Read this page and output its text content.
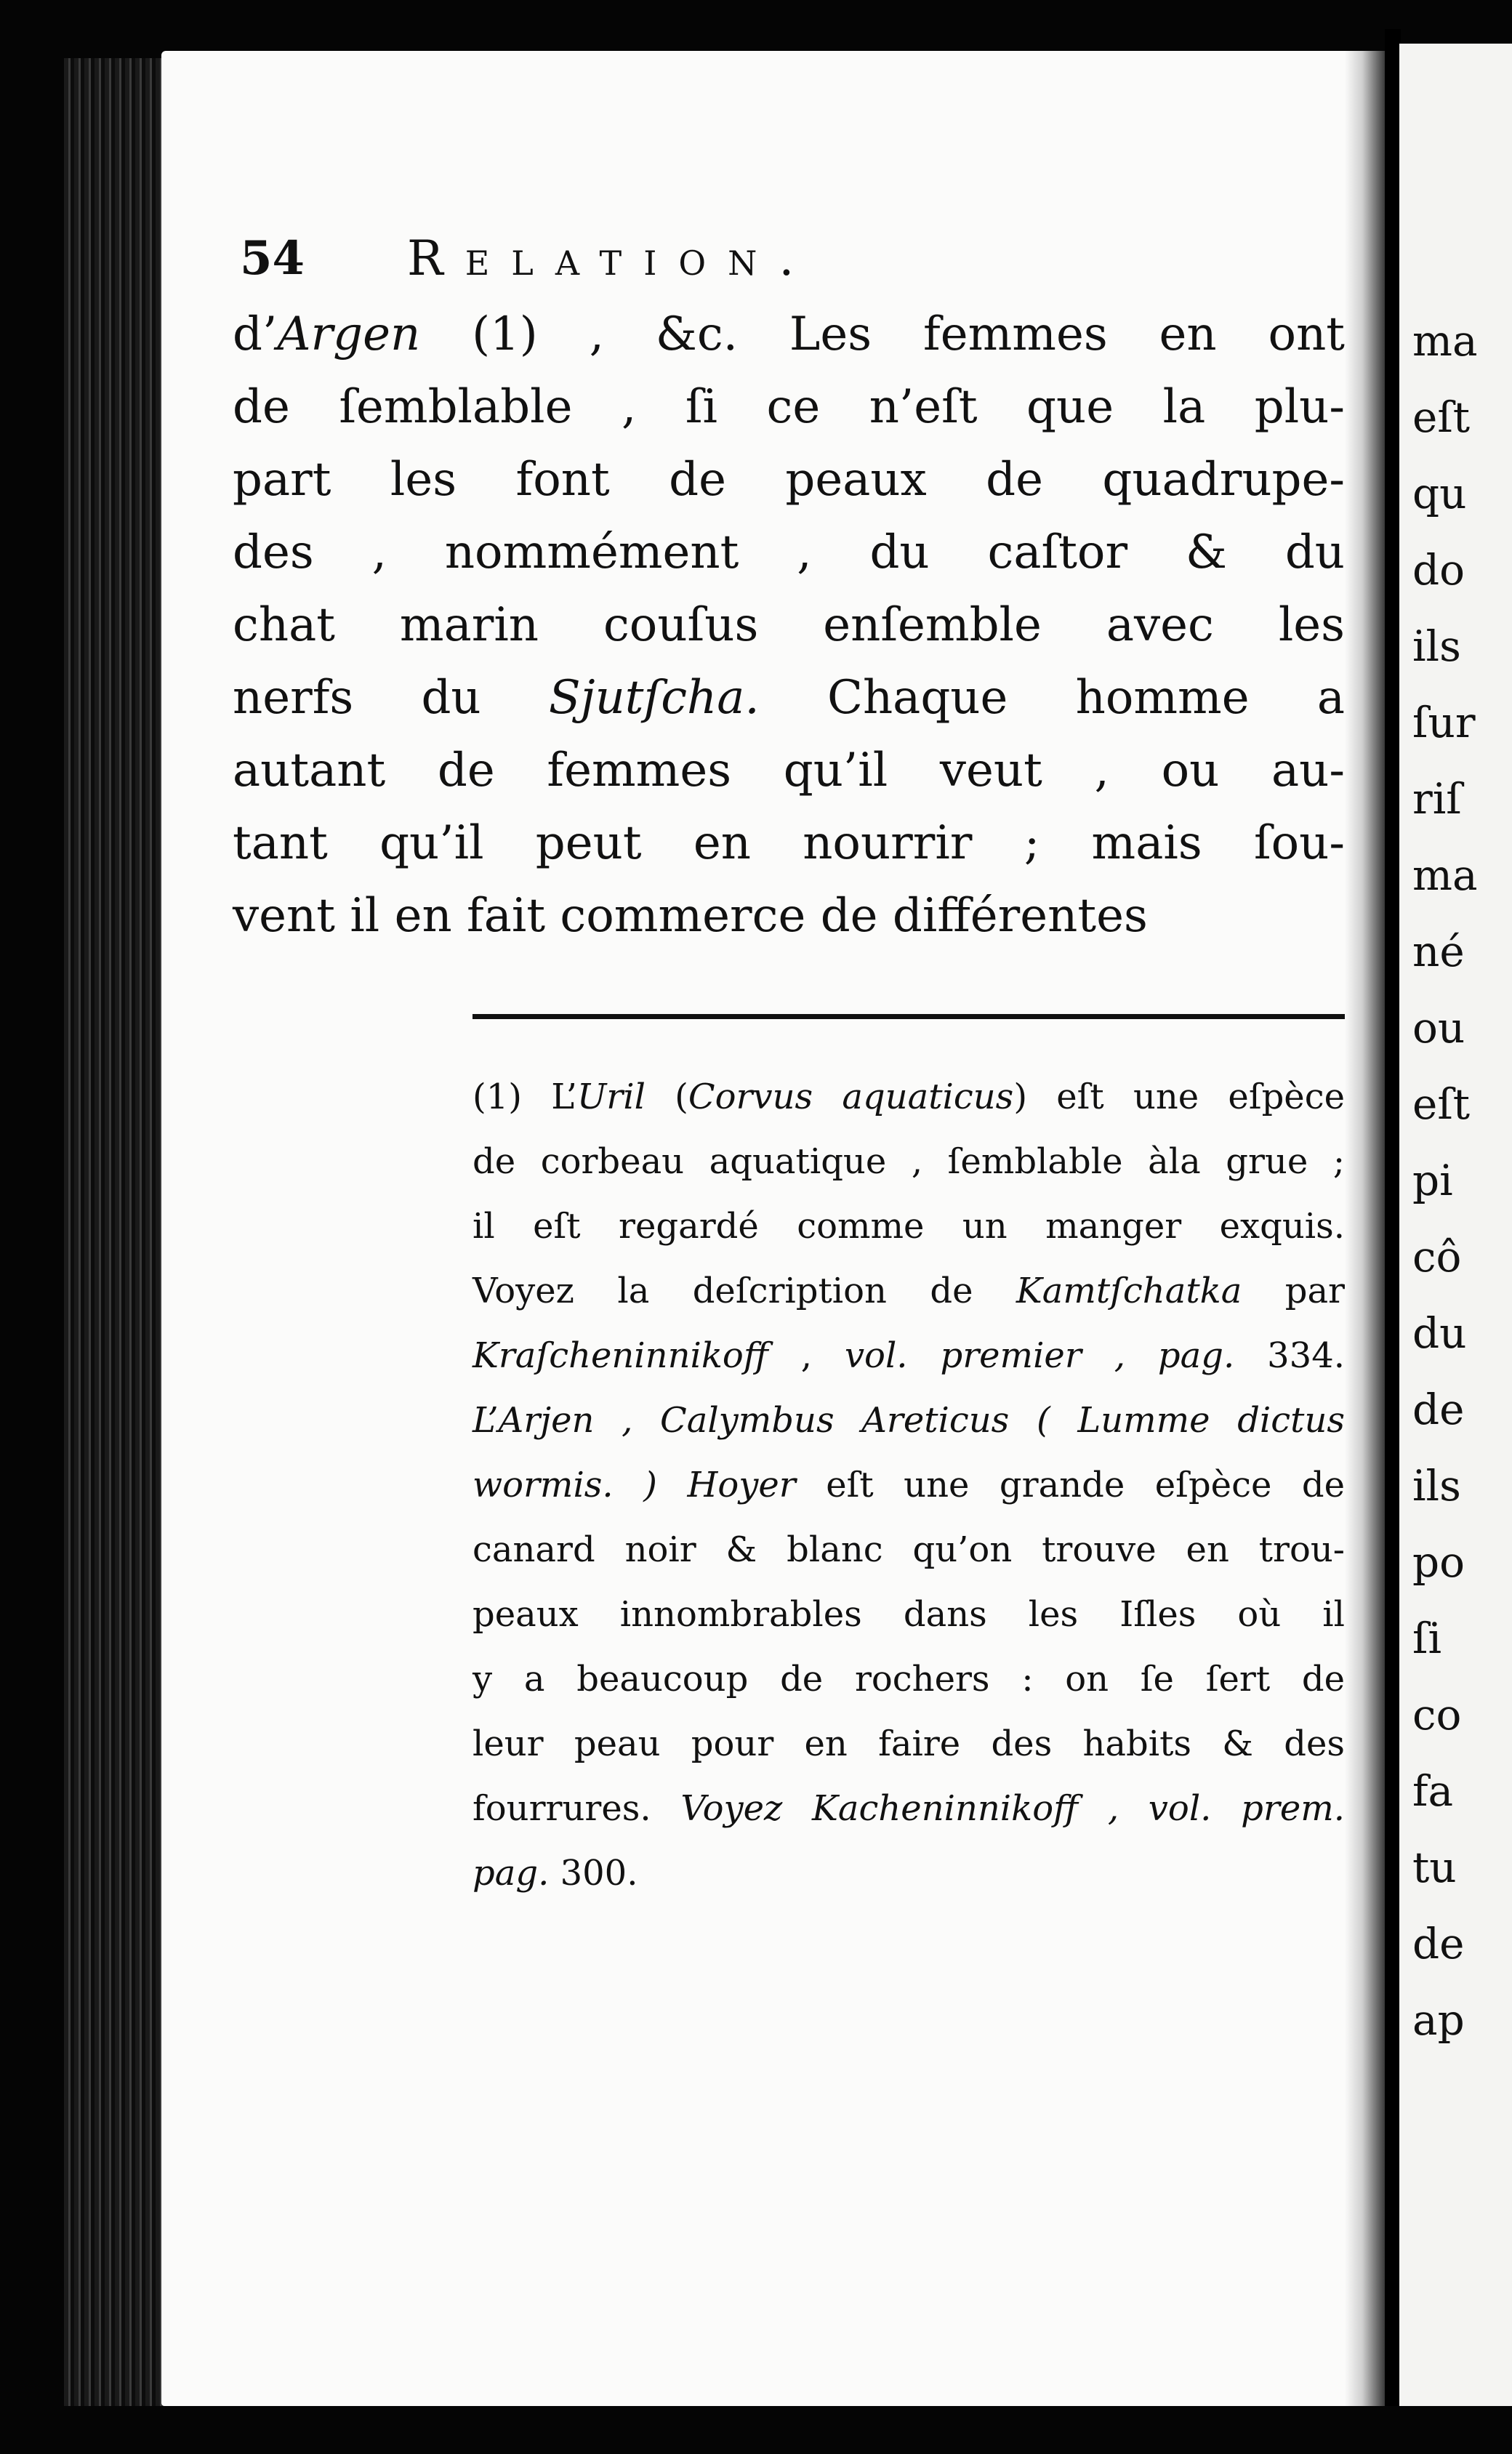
ma
eſt
qu
do
ils
ſur
riſ
ma
né
ou
eſt
pi
cô
du
de
ils
po
ſi
co
fa
tu
de
ap
54 Relation.
d’Argen (1) , &c. Les femmes en ont
de ſemblable , ſi ce n’eſt que la plu-
part les font de peaux de quadrupe-
des , nommément , du caſtor & du
chat marin couſus enſemble avec les
nerfs du Sjutſcha. Chaque homme a
autant de femmes qu’il veut , ou au-
tant qu’il peut en nourrir ; mais ſou-
vent il en fait commerce de différentes
(1) L’Uril (Corvus aquaticus) eſt une eſpèce
de corbeau aquatique , ſemblable àla grue ;
il eſt regardé comme un manger exquis.
Voyez la deſcription de Kamtſchatka par
Kraſcheninnikoff , vol. premier , pag. 334.
L’Arjen , Calymbus Areticus ( Lumme dictus
wormis. ) Hoyer eſt une grande eſpèce de
canard noir & blanc qu’on trouve en trou-
peaux innombrables dans les Iſles où il
y a beaucoup de rochers : on ſe ſert de
leur peau pour en faire des habits & des
fourrures. Voyez Kacheninnikoff , vol. prem.
pag. 300.
